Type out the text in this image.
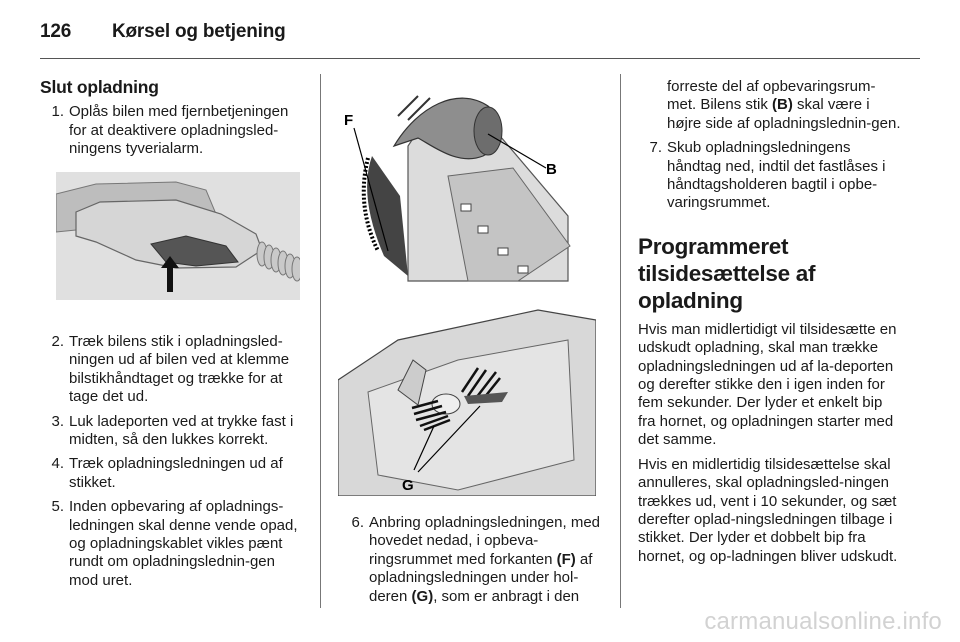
126 Kørsel og betjening
Slut opladning
1. Oplås bilen med fjernbetjeningen for at deaktivere opladningsled-ningens tyverialarm.
2. Træk bilens stik i opladningsled-ningen ud af bilen ved at klemme bilstikhåndtaget og trække for at tage det ud.
3. Luk ladeporten ved at trykke fast i midten, så den lukkes korrekt.
4. Træk opladningsledningen ud af stikket.
5. Inden opbevaring af opladnings-ledningen skal denne vende opad, og opladningskablet vikles pænt rundt om opladningslednin-gen mod uret.
F
B
G
6. Anbring opladningsledningen, med hovedet nedad, i opbeva-ringsrummet med forkanten (F) af opladningsledningen under hol-deren (G), som er anbragt i den
forreste del af opbevaringsrum-met. Bilens stik (B) skal være i højre side af opladningslednin-gen.
7. Skub opladningsledningens håndtag ned, indtil det fastlåses i håndtagsholderen bagtil i opbe-varingsrummet.
Programmeret
tilsidesættelse af
opladning

Hvis man midlertidigt vil tilsidesætte en udskudt opladning, skal man trække opladningsledningen ud af la-deporten og derefter stikke den i igen inden for fem sekunder. Der lyder et enkelt bip fra hornet, og opladningen starter med det samme.

Hvis en midlertidig tilsidesættelse skal annulleres, skal opladningsled-ningen trækkes ud, vent i 10 sekunder, og sæt derefter oplad-ningsledningen tilbage i stikket. Der lyder et dobbelt bip fra hornet, og op-ladningen bliver udskudt.

carmanualsonline.info
